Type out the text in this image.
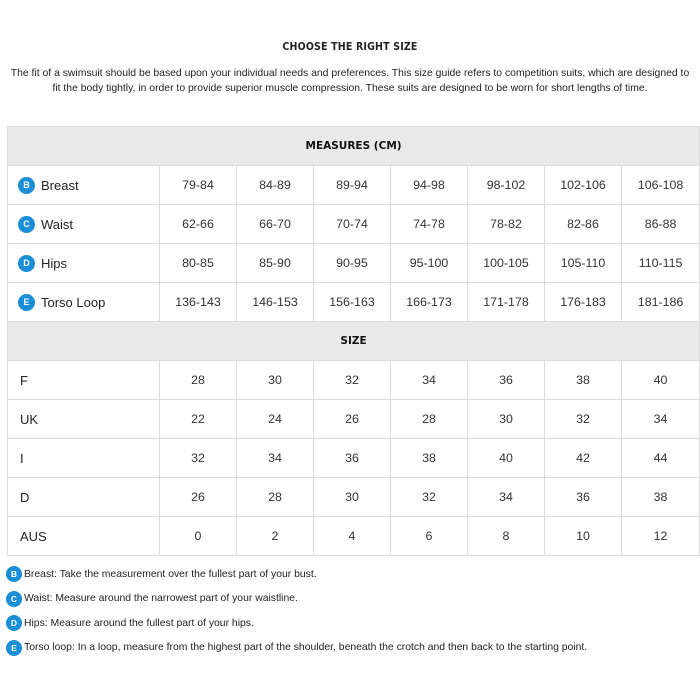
CHOOSE THE RIGHT SIZE
The fit of a swimsuit should be based upon your individual needs and preferences. This size guide refers to competition suits, which are designed to fit the body tightly, in order to provide superior muscle compression. These suits are designed to be worn for short lengths of time.
MEASURES (CM)							

B Breast	79-84	84-89	89-94	94-98	98-102	102-106	106-108

C Waist	62-66	66-70	70-74	74-78	78-82	82-86	86-88

D Hips	80-85	85-90	90-95	95-100	100-105	105-110	110-115

E Torso Loop	136-143	146-153	156-163	166-173	171-178	176-183	181-186
SIZE							
F	28	30	32	34	36	38	40
UK	22	24	26	28	30	32	34
I	32	34	36	38	40	42	44
D	26	28	30	32	34	36	38
AUS	0	2	4	6	8	10	12
B Breast: Take the measurement over the fullest part of your bust.
C Waist: Measure around the narrowest part of your waistline.
D Hips: Measure around the fullest part of your hips.
E Torso loop: In a loop, measure from the highest part of the shoulder, beneath the crotch and then back to the starting point.
